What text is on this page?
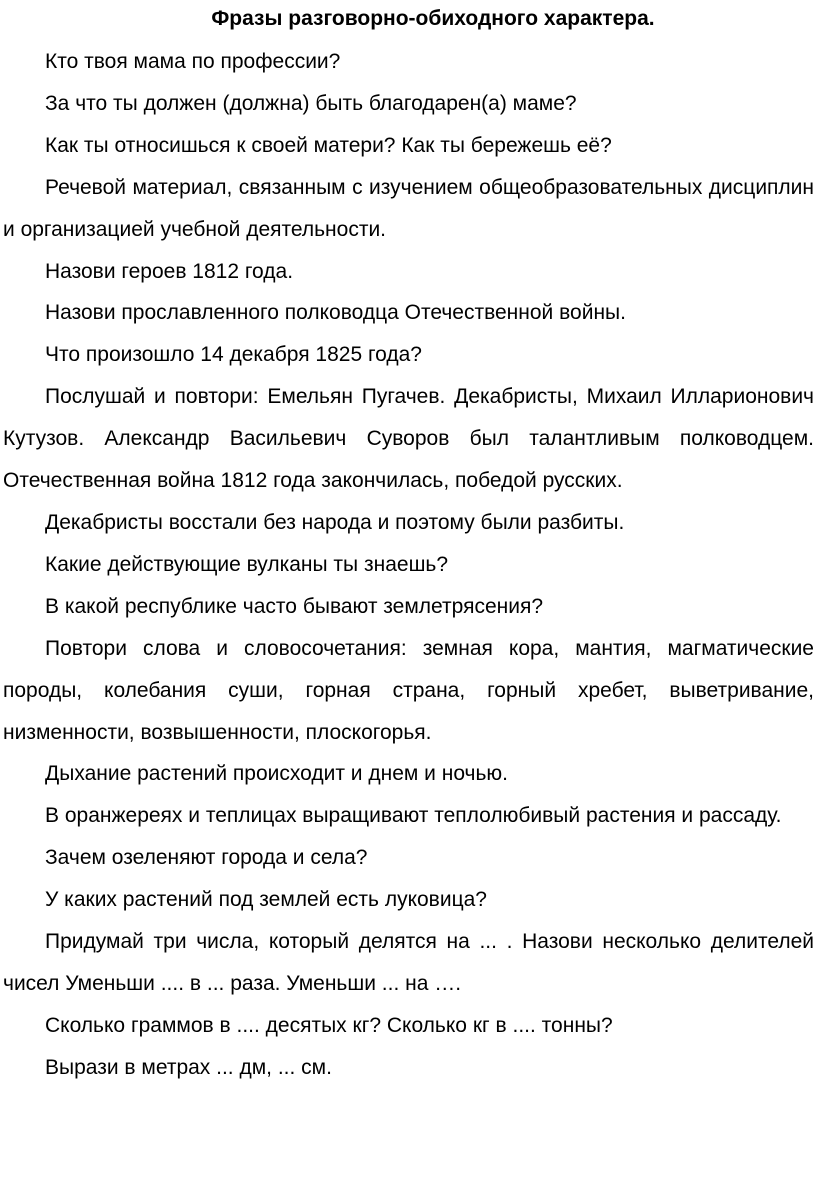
Фразы разговорно-обиходного характера.

Кто твоя мама по профессии?

За что ты должен (должна) быть благодарен(а) маме?

Как ты относишься к своей матери? Как ты бережешь её?

Речевой материал, связанным с изучением общеобразовательных дисциплин и организацией учебной деятельности.

Назови героев 1812 года.

Назови прославленного полководца Отечественной войны.

Что произошло 14 декабря 1825 года?

Послушай и повтори: Емельян Пугачев. Декабристы, Михаил Илларионович Кутузов. Александр Васильевич Суворов был талантливым полководцем. Отечественная война 1812 года закончилась, победой русских.

Декабристы восстали без народа и поэтому были разбиты.

Какие действующие вулканы ты знаешь?

В какой республике часто бывают землетрясения?

Повтори слова и словосочетания: земная кора, мантия, магматические породы, колебания суши, горная страна, горный хребет, выветривание, низменности, возвышенности, плоскогорья.

Дыхание растений происходит и днем и ночью.

В оранжереях и теплицах выращивают теплолюбивый растения и рассаду.

Зачем озеленяют города и села?

У каких растений под землей есть луковица?

Придумай три числа, который делятся на ... . Назови несколько делителей чисел Уменьши .... в ... раза. Уменьши ... на ….

Сколько граммов в .... десятых кг? Сколько кг в .... тонны?

Вырази в метрах ... дм, ... см.
